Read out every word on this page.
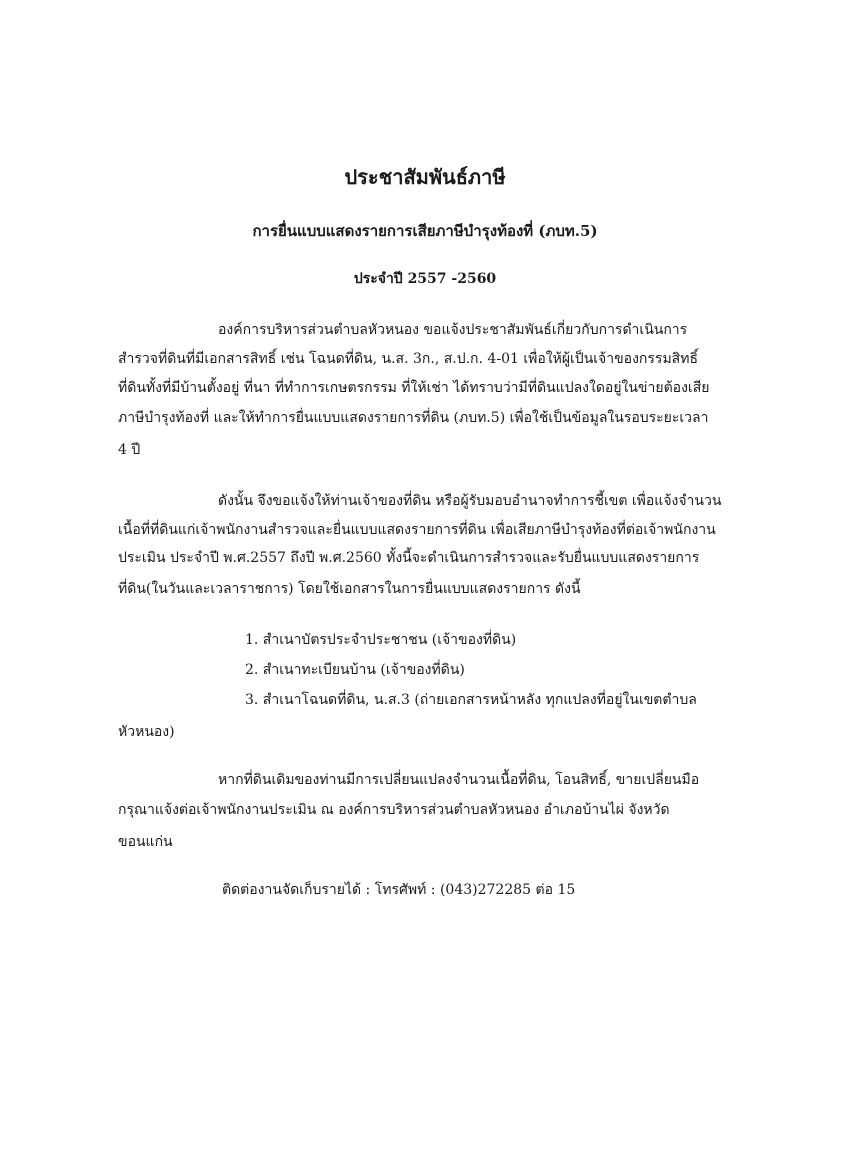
ประชาสัมพันธ์ภาษี
การยื่นแบบแสดงรายการเสียภาษีบำรุงท้องที่ (ภบท.5)
ประจำปี 2557 -2560

องค์การบริหารส่วนตำบลหัวหนอง ขอแจ้งประชาสัมพันธ์เกี่ยวกับการดำเนินการ

สำรวจที่ดินที่มีเอกสารสิทธิ์ เช่น โฉนดที่ดิน, น.ส. 3ก., ส.ป.ก. 4-01 เพื่อให้ผู้เป็นเจ้าของกรรมสิทธิ์

ที่ดินทั้งที่มีบ้านตั้งอยู่ ที่นา ที่ทำการเกษตรกรรม ที่ให้เช่า ได้ทราบว่ามีที่ดินแปลงใดอยู่ในข่ายต้องเสีย

ภาษีบำรุงท้องที่ และให้ทำการยื่นแบบแสดงรายการที่ดิน (ภบท.5) เพื่อใช้เป็นข้อมูลในรอบระยะเวลา

4 ปี

ดังนั้น จึงขอแจ้งให้ท่านเจ้าของที่ดิน หรือผู้รับมอบอำนาจทำการชี้เขต เพื่อแจ้งจำนวน

เนื้อที่ที่ดินแก่เจ้าพนักงานสำรวจและยื่นแบบแสดงรายการที่ดิน เพื่อเสียภาษีบำรุงท้องที่ต่อเจ้าพนักงาน

ประเมิน ประจำปี พ.ศ.2557 ถึงปี พ.ศ.2560 ทั้งนี้จะดำเนินการสำรวจและรับยื่นแบบแสดงรายการ

ที่ดิน(ในวันและเวลาราชการ) โดยใช้เอกสารในการยื่นแบบแสดงรายการ ดังนี้

1. สำเนาบัตรประจำประชาชน (เจ้าของที่ดิน)

2. สำเนาทะเบียนบ้าน (เจ้าของที่ดิน)

3. สำเนาโฉนดที่ดิน, น.ส.3 (ถ่ายเอกสารหน้าหลัง ทุกแปลงที่อยู่ในเขตตำบล

หัวหนอง)

หากที่ดินเดิมของท่านมีการเปลี่ยนแปลงจำนวนเนื้อที่ดิน, โอนสิทธิ์, ขายเปลี่ยนมือ

กรุณาแจ้งต่อเจ้าพนักงานประเมิน ณ องค์การบริหารส่วนตำบลหัวหนอง อำเภอบ้านไผ่ จังหวัด

ขอนแก่น

ติดต่องานจัดเก็บรายได้ : โทรศัพท์ : (043)272285 ต่อ 15
